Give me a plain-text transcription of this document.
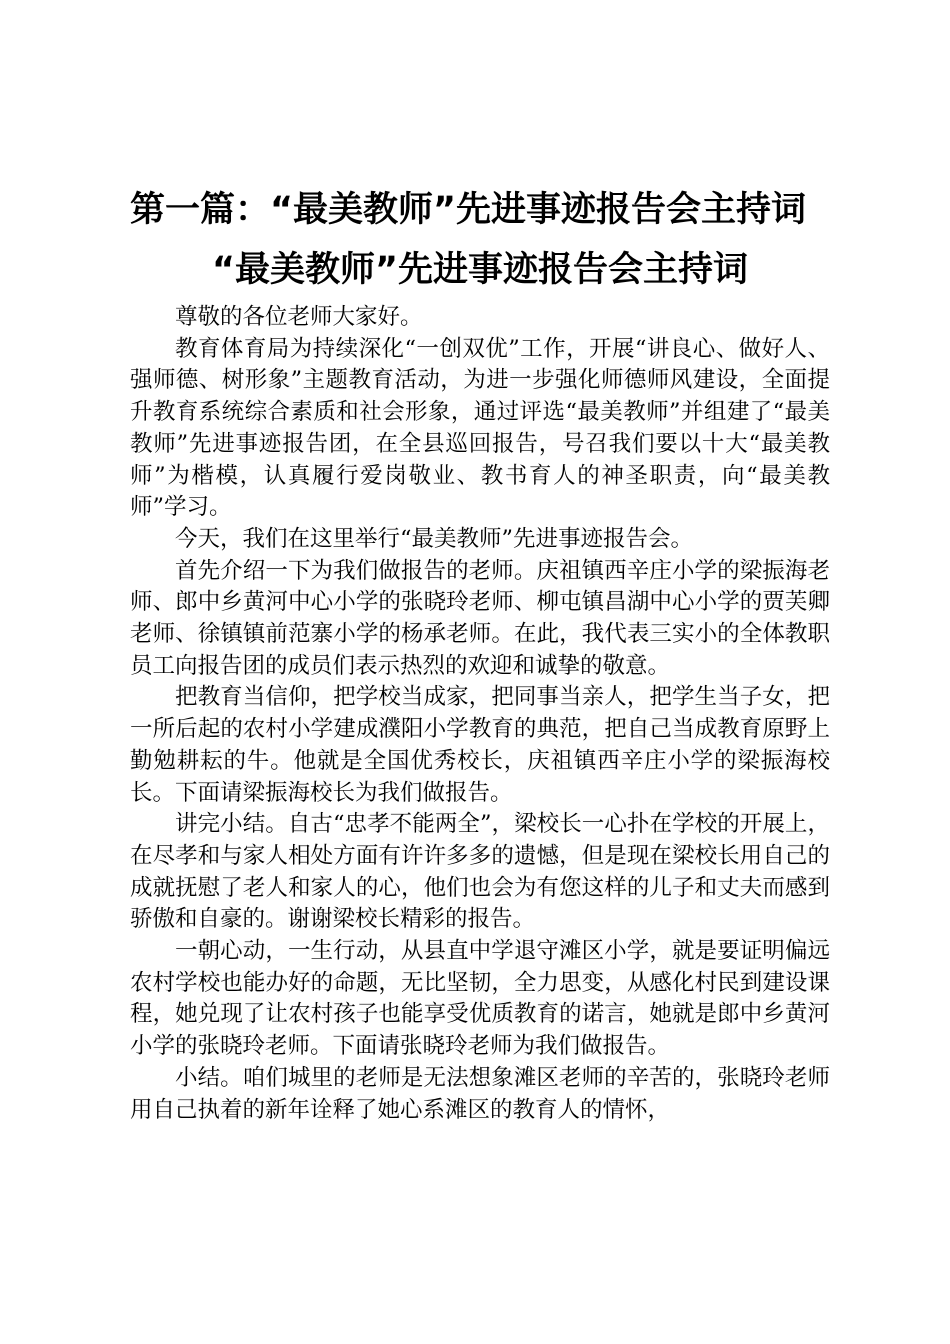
第一篇：“最美教师”先进事迹报告会主持词
“最美教师”先进事迹报告会主持词

尊敬的各位老师大家好。

教育体育局为持续深化“一创双优”工作，开展“讲良心、做好人、强师德、树形象”主题教育活动，为进一步强化师德师风建设，全面提升教育系统综合素质和社会形象，通过评选“最美教师”并组建了“最美教师”先进事迹报告团，在全县巡回报告，号召我们要以十大“最美教师”为楷模，认真履行爱岗敬业、教书育人的神圣职责，向“最美教师”学习。

今天，我们在这里举行“最美教师”先进事迹报告会。

首先介绍一下为我们做报告的老师。庆祖镇西辛庄小学的梁振海老师、郎中乡黄河中心小学的张晓玲老师、柳屯镇昌湖中心小学的贾芙卿老师、徐镇镇前范寨小学的杨承老师。在此，我代表三实小的全体教职员工向报告团的成员们表示热烈的欢迎和诚挚的敬意。

把教育当信仰，把学校当成家，把同事当亲人，把学生当子女，把一所后起的农村小学建成濮阳小学教育的典范，把自己当成教育原野上勤勉耕耘的牛。他就是全国优秀校长，庆祖镇西辛庄小学的梁振海校长。下面请梁振海校长为我们做报告。

讲完小结。自古“忠孝不能两全”，梁校长一心扑在学校的开展上，在尽孝和与家人相处方面有许许多多的遗憾，但是现在梁校长用自己的成就抚慰了老人和家人的心，他们也会为有您这样的儿子和丈夫而感到骄傲和自豪的。谢谢梁校长精彩的报告。

一朝心动，一生行动，从县直中学退守滩区小学，就是要证明偏远农村学校也能办好的命题，无比坚韧，全力思变，从感化村民到建设课程，她兑现了让农村孩子也能享受优质教育的诺言，她就是郎中乡黄河小学的张晓玲老师。下面请张晓玲老师为我们做报告。

小结。咱们城里的老师是无法想象滩区老师的辛苦的，张晓玲老师用自己执着的新年诠释了她心系滩区的教育人的情怀，
